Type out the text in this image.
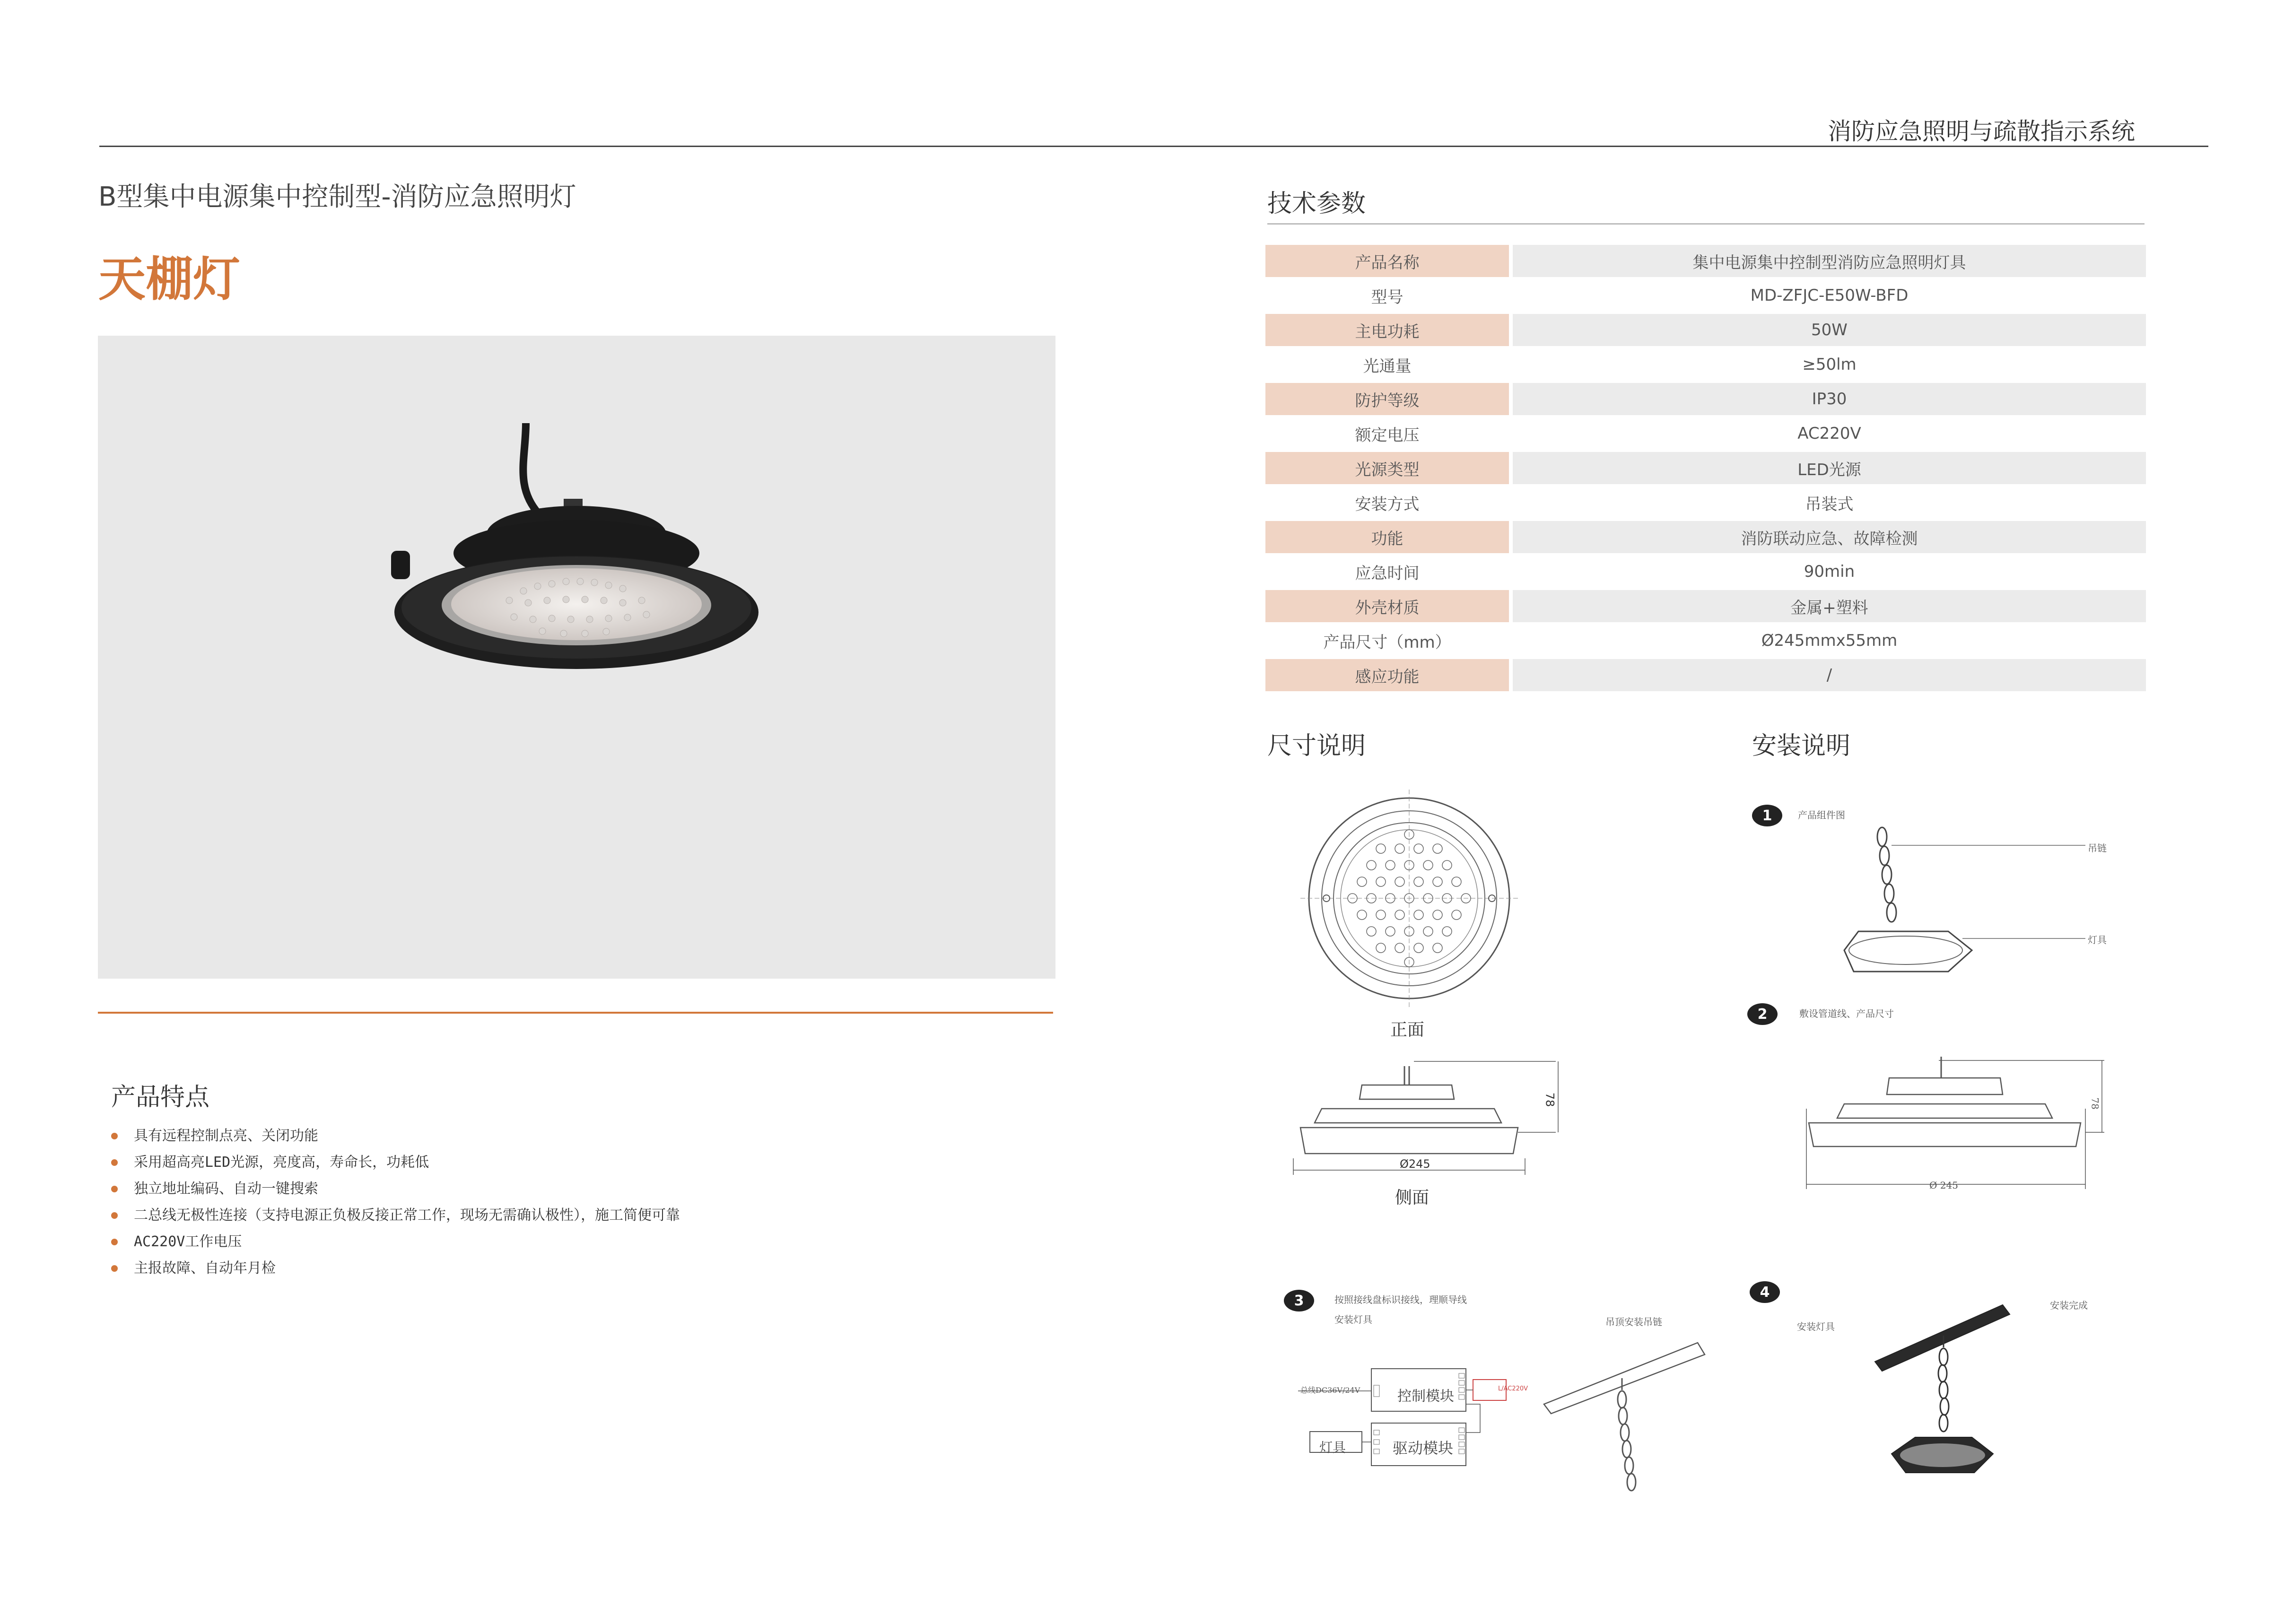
消防应急照明与疏散指示系统
B型集中电源集中控制型-消防应急照明灯
天棚灯
产品特点
具有远程控制点亮、关闭功能
采用超高亮LED光源，亮度高，寿命长，功耗低
独立地址编码、自动一键搜索
二总线无极性连接（支持电源正负极反接正常工作，现场无需确认极性），施工简便可靠
AC220V工作电压
主报故障、自动年月检
技术参数
产品名称	集中电源集中控制型消防应急照明灯具
型号	MD-ZFJC-E50W-BFD
主电功耗	50W
光通量	≥50lm
防护等级	IP30
额定电压	AC220V
光源类型	LED光源
安装方式	吊装式
功能	消防联动应急、故障检测
应急时间	90min
外壳材质	金属+塑料
产品尺寸（mm）	Ø245mmx55mm
感应功能	/
尺寸说明
正面
Ø245
78
侧面
安装说明
1	产品组件图
吊链
灯具
2	敷设管道线、产品尺寸
Ø 245
78
3	按照接线盘标识接线，理顺导线
安装灯具	吊顶安装吊链
总线DC36V/24V	控制模块
驱动模块
灯具
L/AC220V
4
安装灯具
安装完成
